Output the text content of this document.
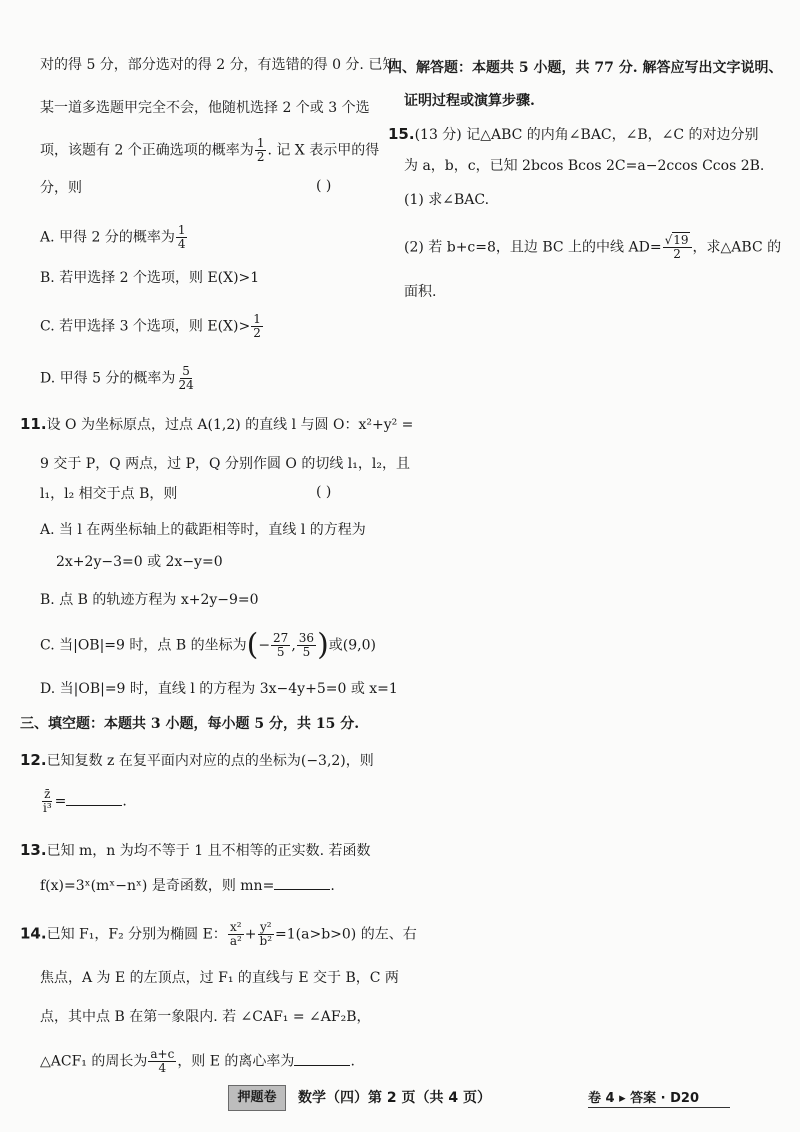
对的得 5 分，部分选对的得 2 分，有选错的得 0 分. 已知
某一道多选题甲完全不会，他随机选择 2 个或 3 个选
项，该题有 2 个正确选项的概率为 $\frac{1}{2}$ . 记 X 表示甲的得
分，则	( )
A. 甲得 2 分的概率为 $\frac{1}{4}$
B. 若甲选择 2 个选项，则 E(X)>1
C. 若甲选择 3 个选项，则 $E(X)> \frac{1}{2}$
D. 甲得 5 分的概率为 $\frac{5}{24}$
11.设 O 为坐标原点，过点 A(1,2) 的直线 l 与圆 O：x²+y² =
9 交于 P，Q 两点，过 P，Q 分别作圆 O 的切线 l₁，l₂，且
l₁，l₂ 相交于点 B，则	( )
A. 当 l 在两坐标轴上的截距相等时，直线 l 的方程为
2x+2y−3=0 或 2x−y=0
B. 点 B 的轨迹方程为 x+2y−9=0
C. 当|OB|=9 时，点 B 的坐标为(− $\frac{27}{5}$ , $\frac{36}{5}$ )或(9,0)
D. 当|OB|=9 时，直线 l 的方程为 3x−4y+5=0 或 x=1
三、填空题：本题共 3 小题，每小题 5 分，共 15 分.
12.已知复数 z 在复平面内对应的点的坐标为(−3,2)，则
$\frac{z̄}{\text{i³}}$ =	.
13.已知 m，n 为均不等于 1 且不相等的正实数. 若函数
f(x)=3ˣ(mˣ−nˣ) 是奇函数，则 mn=	.
14.已知 F₁，F₂ 分别为椭圆 E： $\frac{\text{x²}}{\text{a²}} + \frac{\text{y²}}{\text{b²}} =1(a>b>0)$ 的左、右
焦点，A 为 E 的左顶点，过 F₁ 的直线与 E 交于 B，C 两
点，其中点 B 在第一象限内. 若 ∠CAF₁ = ∠AF₂B，
△ACF₁ 的周长为 $\frac{a+c}{4}$ ，则 E 的离心率为	.
四、解答题：本题共 5 小题，共 77 分. 解答应写出文字说明、
证明过程或演算步骤.
15.(13 分) 记△ABC 的内角∠BAC，∠B，∠C 的对边分别
为 a，b，c，已知 2bcos Bcos 2C=a−2ccos Ccos 2B.
(1) 求∠BAC.
(2) 若 b+c=8，且边 BC 上的中线 $AD= \frac{√19}{2}$ ，求△ABC 的
面积.
押题卷	数学（四）第 2 页（共 4 页）	卷 4 ▸ 答案 · D20
